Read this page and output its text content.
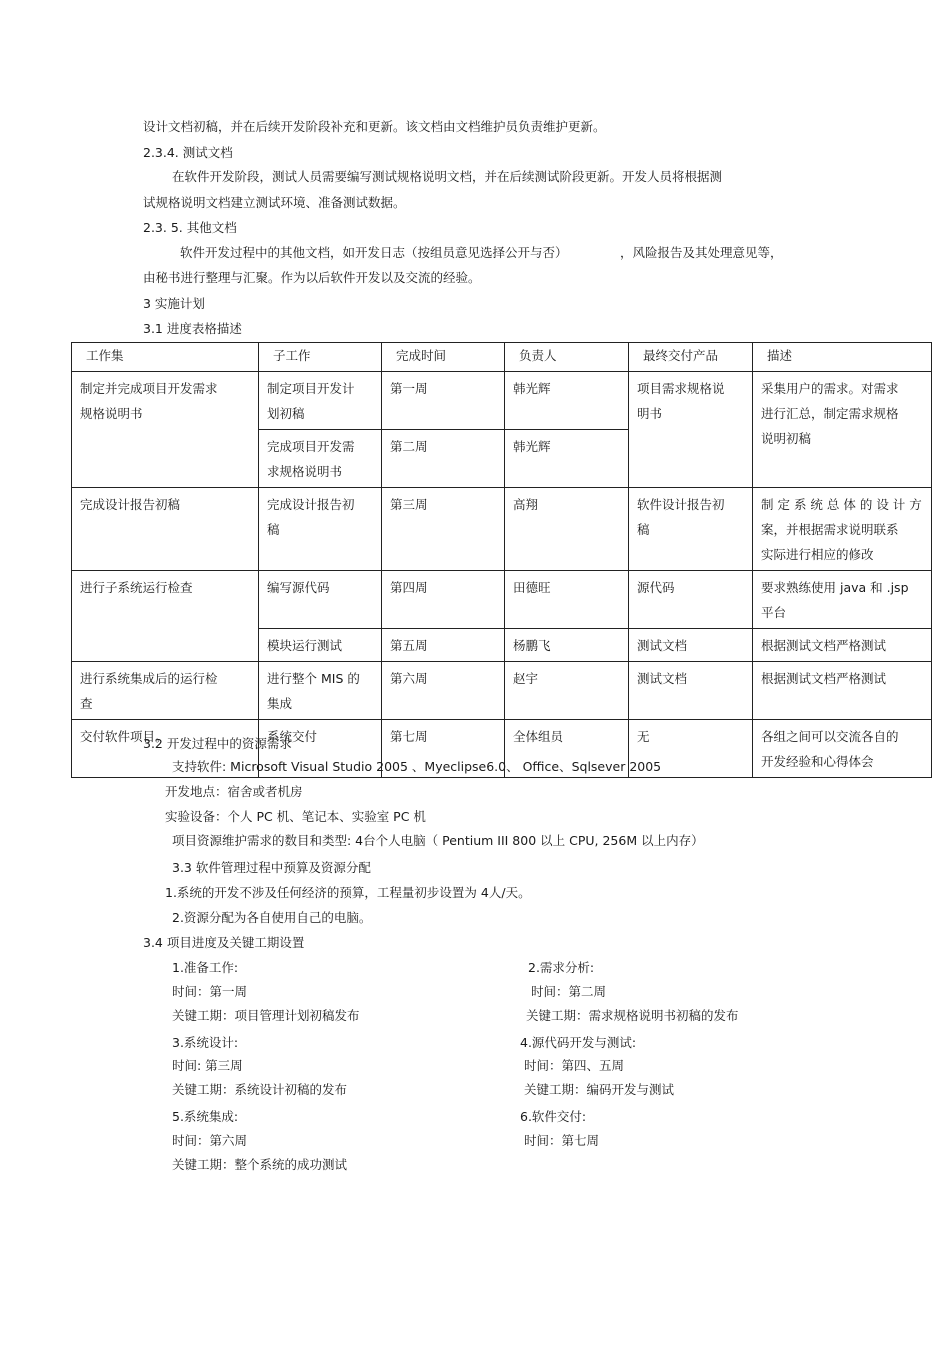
设计文档初稿，并在后续开发阶段补充和更新。该文档由文档维护员负责维护更新。
2.3.4. 测试文档
在软件开发阶段，测试人员需要编写测试规格说明文档，并在后续测试阶段更新。开发人员将根据测
试规格说明文档建立测试环境、准备测试数据。
2.3. 5. 其他文档
软件开发过程中的其他文档，如开发日志（按组员意见选择公开与否）	，风险报告及其处理意见等，
由秘书进行整理与汇聚。作为以后软件开发以及交流的经验。
3 实施计划
3.1 进度表格描述
工作集	子工作	完成时间	负责人	最终交付产品	描述
制定并完成项目开发需求
规格说明书	制定项目开发计
划初稿	第一周	韩光辉	项目需求规格说
明书	采集用户的需求。对需求
进行汇总，制定需求规格
说明初稿
	完成项目开发需
求规格说明书	第二周	韩光辉		
完成设计报告初稿	完成设计报告初
稿	第三周	高翔	软件设计报告初
稿	制 定 系 统 总 体 的 设 计 方
案，并根据需求说明联系
实际进行相应的修改
进行子系统运行检查	编写源代码	第四周	田德旺	源代码	要求熟练使用 java 和 .jsp
平台
	模块运行测试	第五周	杨鹏飞	测试文档	根据测试文档严格测试
进行系统集成后的运行检
查	进行整个 MIS 的
集成	第六周	赵宇	测试文档	根据测试文档严格测试
交付软件项目。	系统交付	第七周	全体组员	无	各组之间可以交流各自的
开发经验和心得体会
3.2 开发过程中的资源需求
支持软件: Microsoft Visual Studio 2005 、Myeclipse6.0、 Office、Sqlsever 2005
开发地点：宿舍或者机房
实验设备：个人 PC 机、笔记本、实验室 PC 机
项目资源维护需求的数目和类型: 4台个人电脑（ Pentium III 800 以上 CPU, 256M 以上内存）
3.3 软件管理过程中预算及资源分配
1.系统的开发不涉及任何经济的预算，工程量初步设置为 4人/天。
2.资源分配为各自使用自己的电脑。
3.4 项目进度及关键工期设置
1.准备工作:
时间：第一周
关键工期：项目管理计划初稿发布
2.需求分析:
时间：第二周
关键工期：需求规格说明书初稿的发布
3.系统设计:
时间: 第三周
关键工期：系统设计初稿的发布
4.源代码开发与测试:
时间：第四、五周
关键工期：编码开发与测试
5.系统集成:
时间：第六周
关键工期：整个系统的成功测试
6.软件交付:
时间：第七周
